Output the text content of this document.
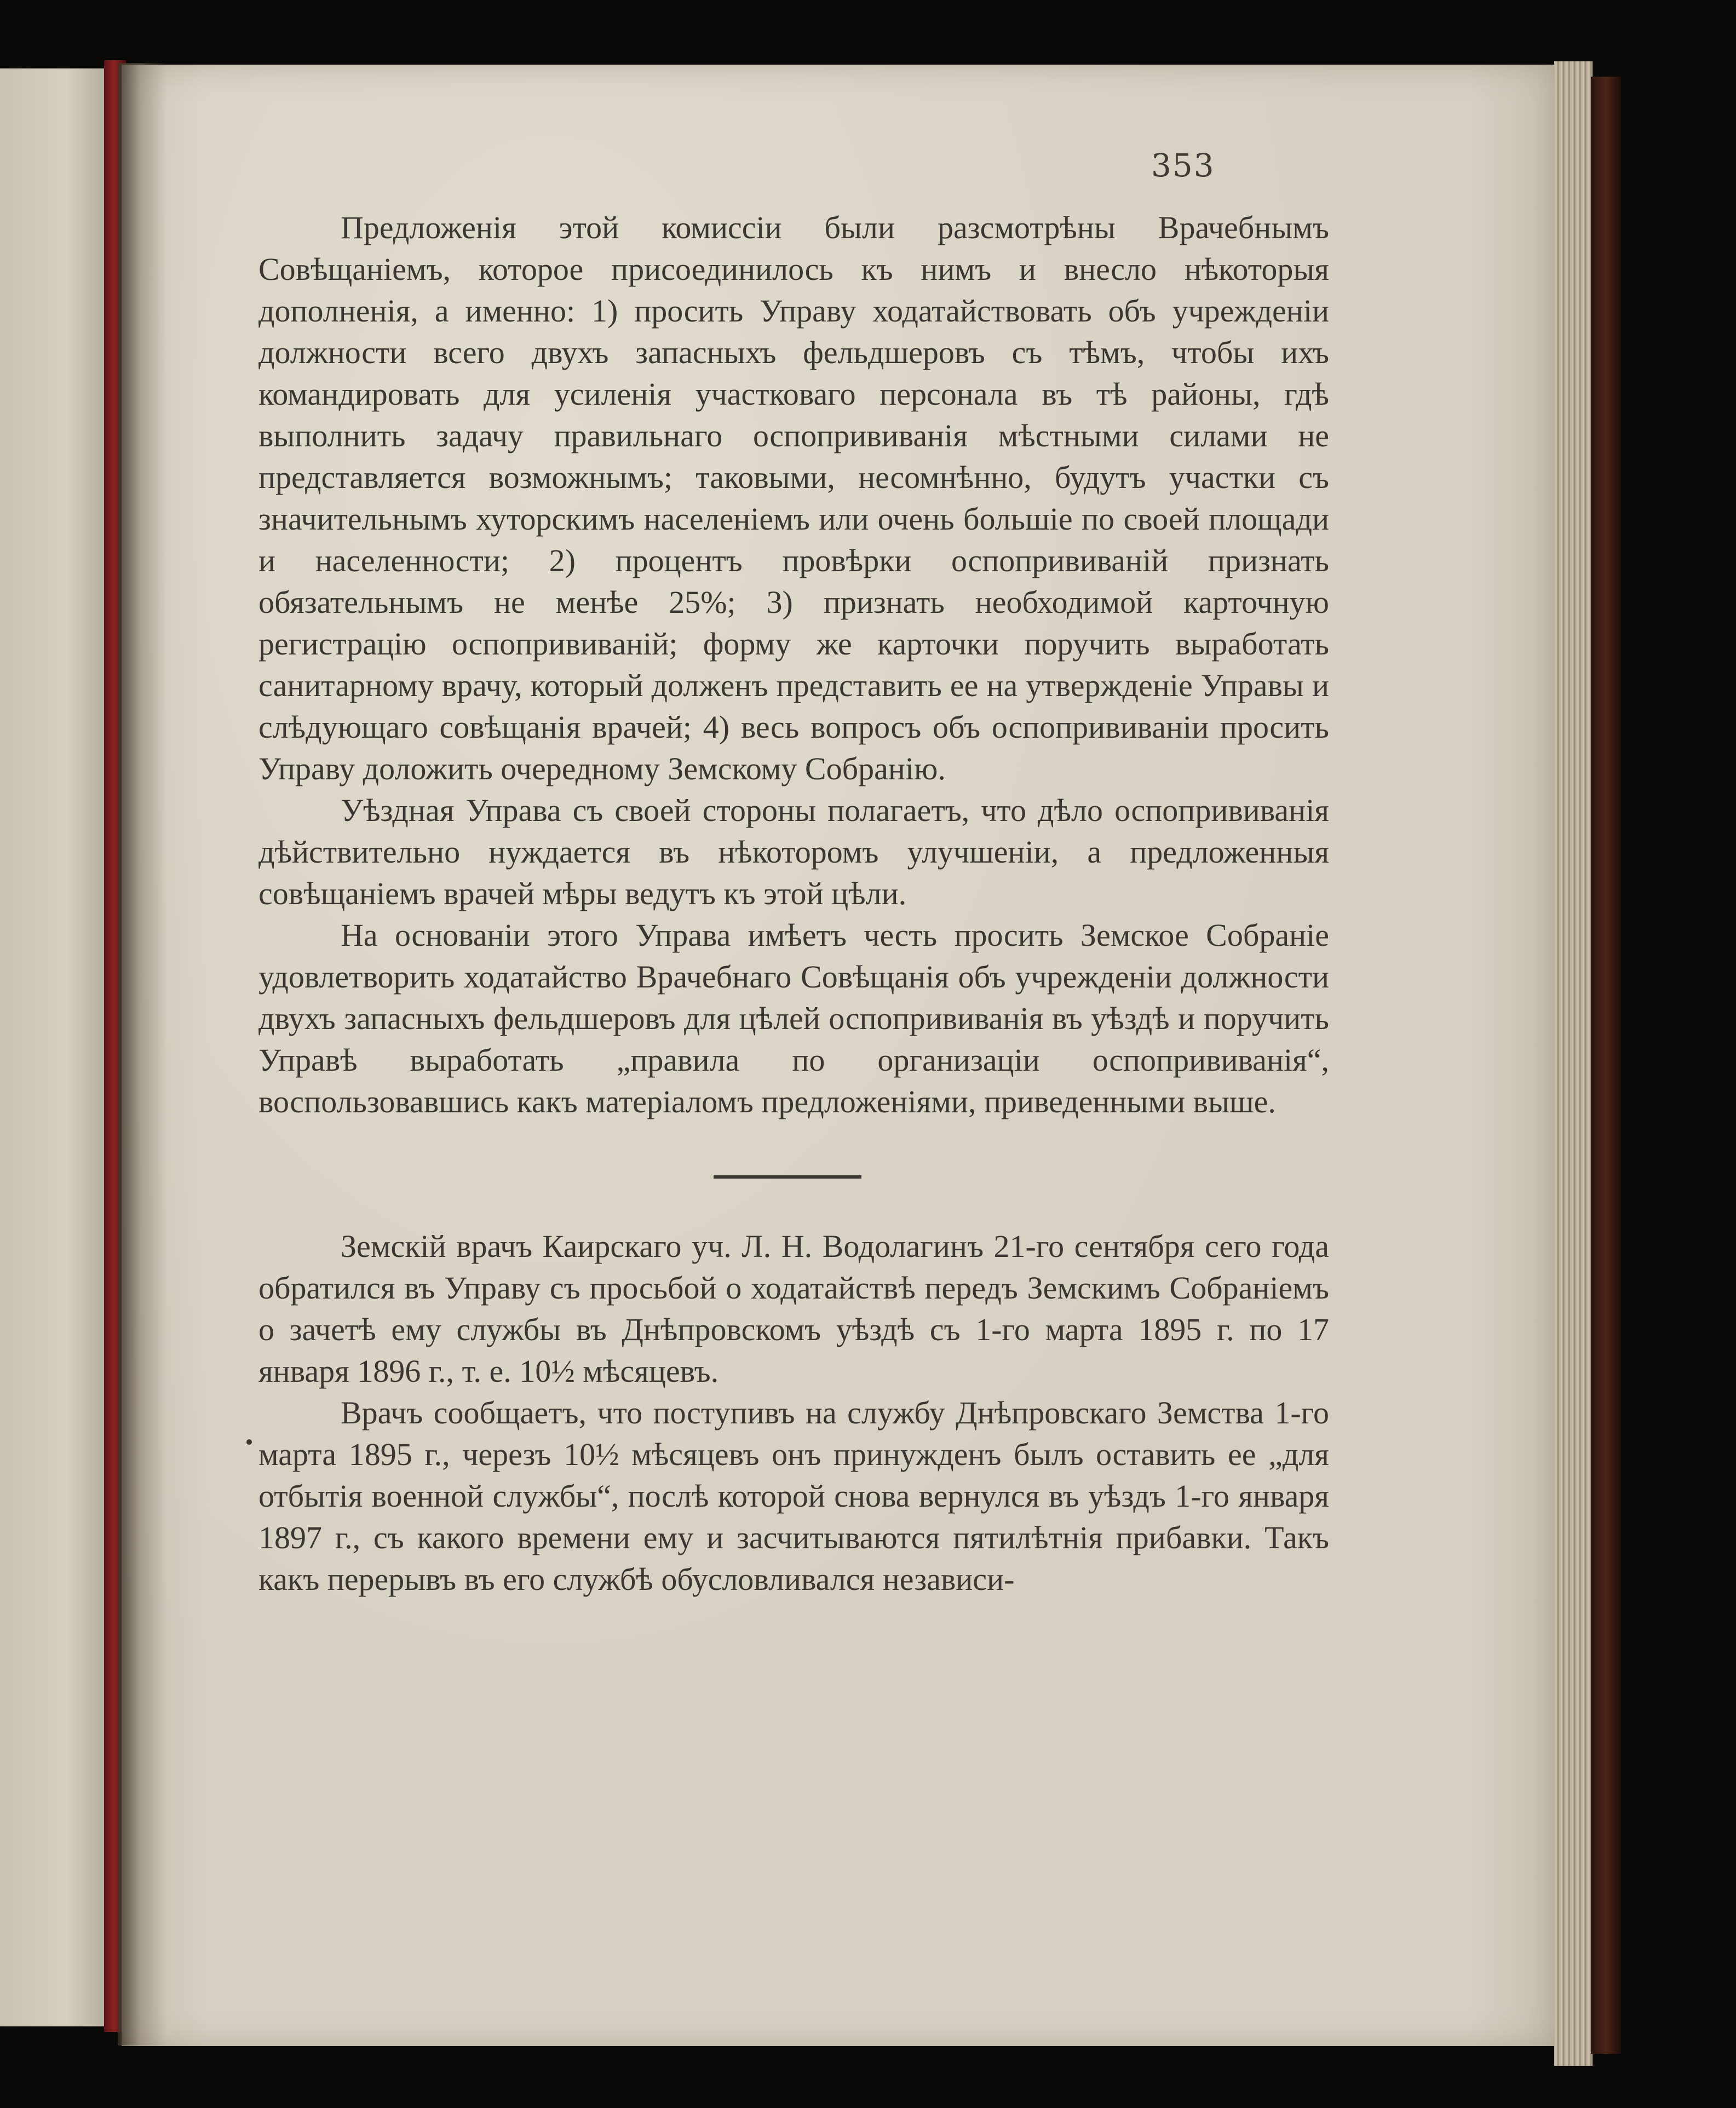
353

Предложенія этой комиссіи были разсмотрѣны Врачебнымъ Совѣщаніемъ, которое присоединилось къ нимъ и внесло нѣкоторыя дополненія, а именно: 1) просить Управу ходатайствовать объ учрежденіи должности всего двухъ запасныхъ фельдшеровъ съ тѣмъ, чтобы ихъ командировать для усиленія участковаго персонала въ тѣ районы, гдѣ выполнить задачу правильнаго оспопрививанія мѣстными силами не представляется возможнымъ; таковыми, несомнѣнно, будутъ участки съ значительнымъ хуторскимъ населеніемъ или очень большіе по своей площади и населенности; 2) процентъ провѣрки оспопрививаній признать обязательнымъ не менѣе 25%; 3) признать необходимой карточную регистрацію оспопрививаній; форму же карточки поручить выработать санитарному врачу, который долженъ представить ее на утвержденіе Управы и слѣдующаго совѣщанія врачей; 4) весь вопросъ объ оспопрививаніи просить Управу доложить очередному Земскому Собранію.

Уѣздная Управа съ своей стороны полагаетъ, что дѣло оспопрививанія дѣйствительно нуждается въ нѣкоторомъ улучшеніи, а предложенныя совѣщаніемъ врачей мѣры ведутъ къ этой цѣли.

На основаніи этого Управа имѣетъ честь просить Земское Собраніе удовлетворить ходатайство Врачебнаго Совѣщанія объ учрежденіи должности двухъ запасныхъ фельдшеровъ для цѣлей оспопрививанія въ уѣздѣ и поручить Управѣ выработать „правила по организаціи оспопрививанія“, воспользовавшись какъ матеріаломъ предложеніями, приведенными выше.

Земскій врачъ Каирскаго уч. Л. Н. Водолагинъ 21-го сентября сего года обратился въ Управу съ просьбой о ходатайствѣ передъ Земскимъ Собраніемъ о зачетѣ ему службы въ Днѣпровскомъ уѣздѣ съ 1-го марта 1895 г. по 17 января 1896 г., т. е. 10½ мѣсяцевъ.

Врачъ сообщаетъ, что поступивъ на службу Днѣпровскаго Земства 1-го марта 1895 г., черезъ 10½ мѣсяцевъ онъ принужденъ былъ оставить ее „для отбытія военной службы“, послѣ которой снова вернулся въ уѣздъ 1-го января 1897 г., съ какого времени ему и засчитываются пятилѣтнія прибавки. Такъ какъ перерывъ въ его службѣ обусловливался независи-
